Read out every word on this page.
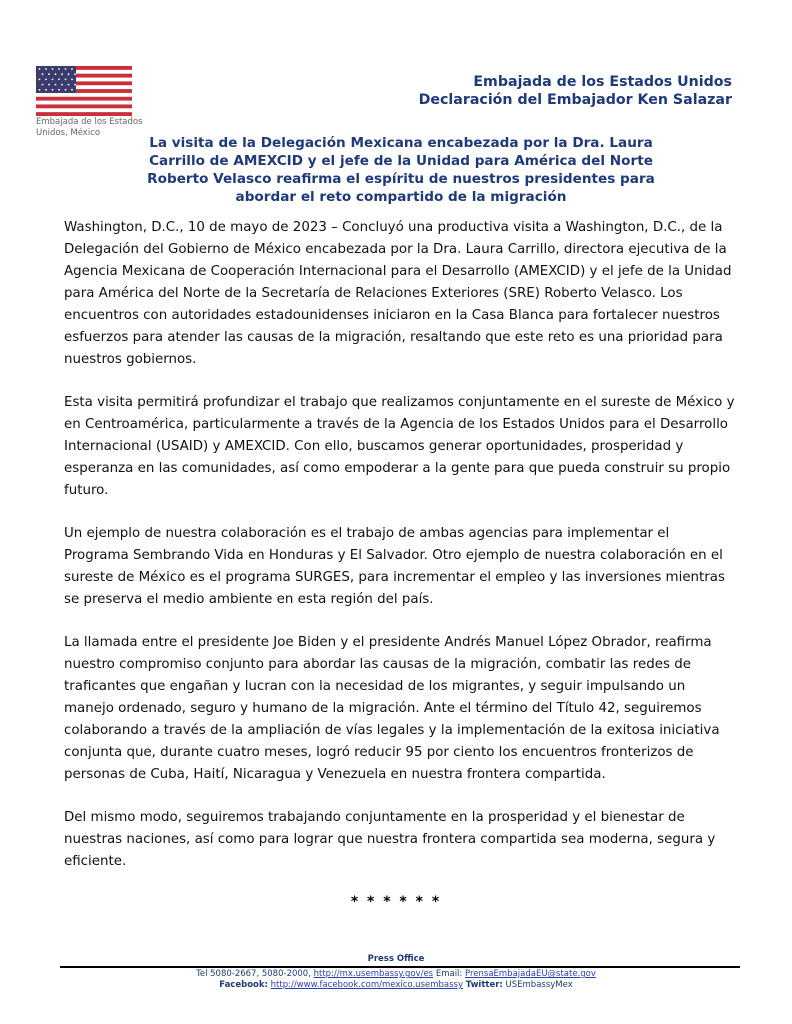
Embajada de los Estados Unidos, México
Embajada de los Estados Unidos
Declaración del Embajador Ken Salazar
La visita de la Delegación Mexicana encabezada por la Dra. Laura Carrillo de AMEXCID y el jefe de la Unidad para América del Norte Roberto Velasco reafirma el espíritu de nuestros presidentes para abordar el reto compartido de la migración

Washington, D.C., 10 de mayo de 2023 – Concluyó una productiva visita a Washington, D.C., de la Delegación del Gobierno de México encabezada por la Dra. Laura Carrillo, directora ejecutiva de la Agencia Mexicana de Cooperación Internacional para el Desarrollo (AMEXCID) y el jefe de la Unidad para América del Norte de la Secretaría de Relaciones Exteriores (SRE) Roberto Velasco. Los encuentros con autoridades estadounidenses iniciaron en la Casa Blanca para fortalecer nuestros esfuerzos para atender las causas de la migración, resaltando que este reto es una prioridad para nuestros gobiernos.

Esta visita permitirá profundizar el trabajo que realizamos conjuntamente en el sureste de México y en Centroamérica, particularmente a través de la Agencia de los Estados Unidos para el Desarrollo Internacional (USAID) y AMEXCID. Con ello, buscamos generar oportunidades, prosperidad y esperanza en las comunidades, así como empoderar a la gente para que pueda construir su propio futuro.

Un ejemplo de nuestra colaboración es el trabajo de ambas agencias para implementar el Programa Sembrando Vida en Honduras y El Salvador. Otro ejemplo de nuestra colaboración en el sureste de México es el programa SURGES, para incrementar el empleo y las inversiones mientras se preserva el medio ambiente en esta región del país.

La llamada entre el presidente Joe Biden y el presidente Andrés Manuel López Obrador, reafirma nuestro compromiso conjunto para abordar las causas de la migración, combatir las redes de traficantes que engañan y lucran con la necesidad de los migrantes, y seguir impulsando un manejo ordenado, seguro y humano de la migración. Ante el término del Título 42, seguiremos colaborando a través de la ampliación de vías legales y la implementación de la exitosa iniciativa conjunta que, durante cuatro meses, logró reducir 95 por ciento los encuentros fronterizos de personas de Cuba, Haití, Nicaragua y Venezuela en nuestra frontera compartida.

Del mismo modo, seguiremos trabajando conjuntamente en la prosperidad y el bienestar de nuestras naciones, así como para lograr que nuestra frontera compartida sea moderna, segura y eficiente.

* * * * * *
Press Office
Tel 5080-2667, 5080-2000, http://mx.usembassy.gov/es Email: PrensaEmbajadaEU@state.gov
Facebook: http://www.facebook.com/mexico.usembassy Twitter: USEmbassyMex
